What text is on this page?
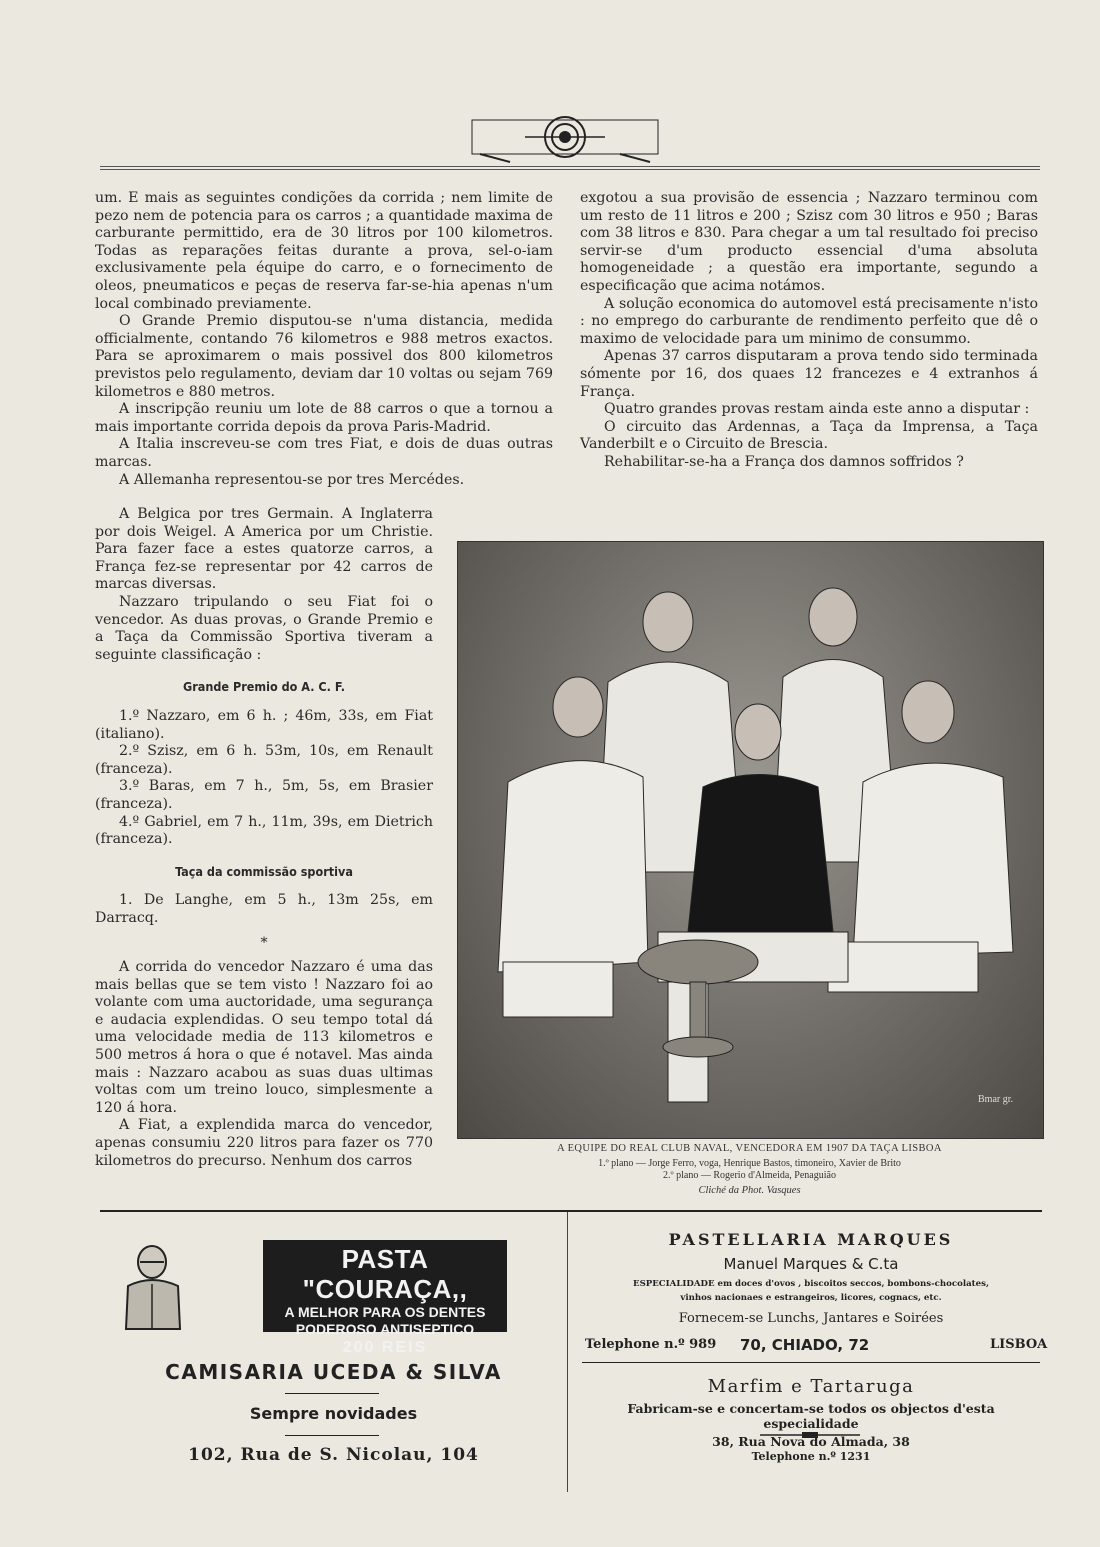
um. E mais as seguintes condições da corrida ; nem limite de pezo nem de potencia para os carros ; a quantidade maxima de carburante permittido, era de 30 litros por 100 kilometros. Todas as reparações feitas durante a prova, sel-o-iam exclusivamente pela équipe do carro, e o fornecimento de oleos, pneumaticos e peças de reserva far-se-hia apenas n'um local combinado previamente.

O Grande Premio disputou-se n'uma distancia, medida officialmente, contando 76 kilometros e 988 metros exactos. Para se aproximarem o mais possivel dos 800 kilometros previstos pelo regulamento, deviam dar 10 voltas ou sejam 769 kilometros e 880 metros.

A inscripção reuniu um lote de 88 carros o que a tornou a mais importante corrida depois da prova Paris-Madrid.

A Italia inscreveu-se com tres Fiat, e dois de duas outras marcas.

A Allemanha representou-se por tres Mercédes.

A Belgica por tres Germain. A Inglaterra por dois Weigel. A America por um Christie. Para fazer face a estes quatorze carros, a França fez-se representar por 42 carros de marcas diversas.

Nazzaro tripulando o seu Fiat foi o vencedor. As duas provas, o Grande Premio e a Taça da Commissão Sportiva tiveram a seguinte classificação :

Grande Premio do A. C. F.

1.º Nazzaro, em 6 h. ; 46m, 33s, em Fiat (italiano).

2.º Szisz, em 6 h. 53m, 10s, em Renault (franceza).

3.º Baras, em 7 h., 5m, 5s, em Brasier (franceza).

4.º Gabriel, em 7 h., 11m, 39s, em Dietrich (franceza).

Taça da commissão sportiva

1. De Langhe, em 5 h., 13m 25s, em Darracq.

*

A corrida do vencedor Nazzaro é uma das mais bellas que se tem visto ! Nazzaro foi ao volante com uma auctoridade, uma segurança e audacia explendidas. O seu tempo total dá uma velocidade media de 113 kilometros e 500 metros á hora o que é notavel. Mas ainda mais : Nazzaro acabou as suas duas ultimas voltas com um treino louco, simplesmente a 120 á hora.

A Fiat, a explendida marca do vencedor, apenas consumiu 220 litros para fazer os 770 kilometros do precurso. Nenhum dos carros

exgotou a sua provisão de essencia ; Nazzaro terminou com um resto de 11 litros e 200 ; Szisz com 30 litros e 950 ; Baras com 38 litros e 830. Para chegar a um tal resultado foi preciso servir-se d'um producto essencial d'uma absoluta homogeneidade ; a questão era importante, segundo a especificação que acima notámos.

A solução economica do automovel está precisamente n'isto : no emprego do carburante de rendimento perfeito que dê o maximo de velocidade para um minimo de consummo.

Apenas 37 carros disputaram a prova tendo sido terminada sómente por 16, dos quaes 12 francezes e 4 extranhos á França.

Quatro grandes provas restam ainda este anno a disputar :

O circuito das Ardennas, a Taça da Imprensa, a Taça Vanderbilt e o Circuito de Brescia.

Rehabilitar-se-ha a França dos damnos soffridos ?

Bmar gr.
A EQUIPE DO REAL CLUB NAVAL, VENCEDORA EM 1907 DA TAÇA LISBOA
1.º plano — Jorge Ferro, voga, Henrique Bastos, timoneiro, Xavier de Brito
2.º plano — Rogerio d'Almeida, Penaguião
Cliché da Phot. Vasques
PASTA "COURAÇA,,
A MELHOR PARA OS DENTES
PODEROSO ANTISEPTICO
200 REIS
CAMISARIA UCEDA & SILVA
Sempre novidades
102, Rua de S. Nicolau, 104
PASTELLARIA MARQUES
Manuel Marques & C.ta
ESPECIALIDADE em doces d'ovos , biscoitos seccos, bombons-chocolates,
vinhos nacionaes e estrangeiros, licores, cognacs, etc.
Fornecem-se Lunchs, Jantares e Soirées
Telephone n.º 989 70, CHIADO, 72	LISBOA
Marfim e Tartaruga
Fabricam-se e concertam-se todos os objectos d'esta especialidade
38, Rua Nova do Almada, 38
Telephone n.º 1231
